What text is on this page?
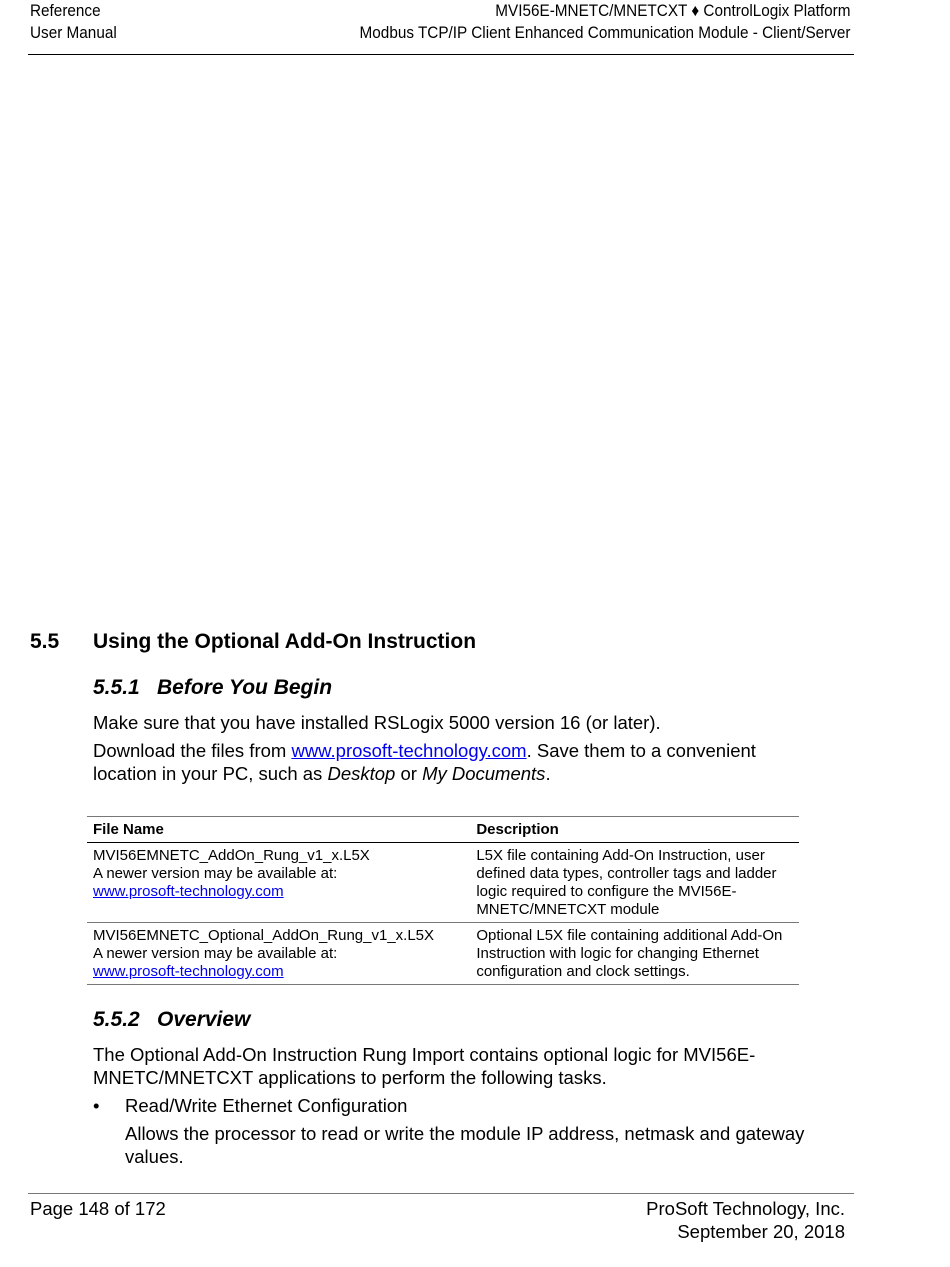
Reference
User Manual
MVI56E-MNETC/MNETCXT ♦ ControlLogix Platform
Modbus TCP/IP Client Enhanced Communication Module - Client/Server
5.5 Using the Optional Add-On Instruction
5.5.1 Before You Begin
Make sure that you have installed RSLogix 5000 version 16 (or later).
Download the files from www.prosoft-technology.com. Save them to a convenient location in your PC, such as Desktop or My Documents.
File Name	Description

MVI56EMNETC_AddOn_Rung_v1_x.L5X
A newer version may be available at:
www.prosoft-technology.com	L5X file containing Add-On Instruction, user defined data types, controller tags and ladder logic required to configure the MVI56E-MNETC/MNETCXT module

MVI56EMNETC_Optional_AddOn_Rung_v1_x.L5X
A newer version may be available at:
www.prosoft-technology.com	Optional L5X file containing additional Add-On Instruction with logic for changing Ethernet configuration and clock settings.
5.5.2 Overview
The Optional Add-On Instruction Rung Import contains optional logic for MVI56E-MNETC/MNETCXT applications to perform the following tasks.
• Read/Write Ethernet Configuration
Allows the processor to read or write the module IP address, netmask and gateway values.
Page 148 of 172	ProSoft Technology, Inc.
September 20, 2018
